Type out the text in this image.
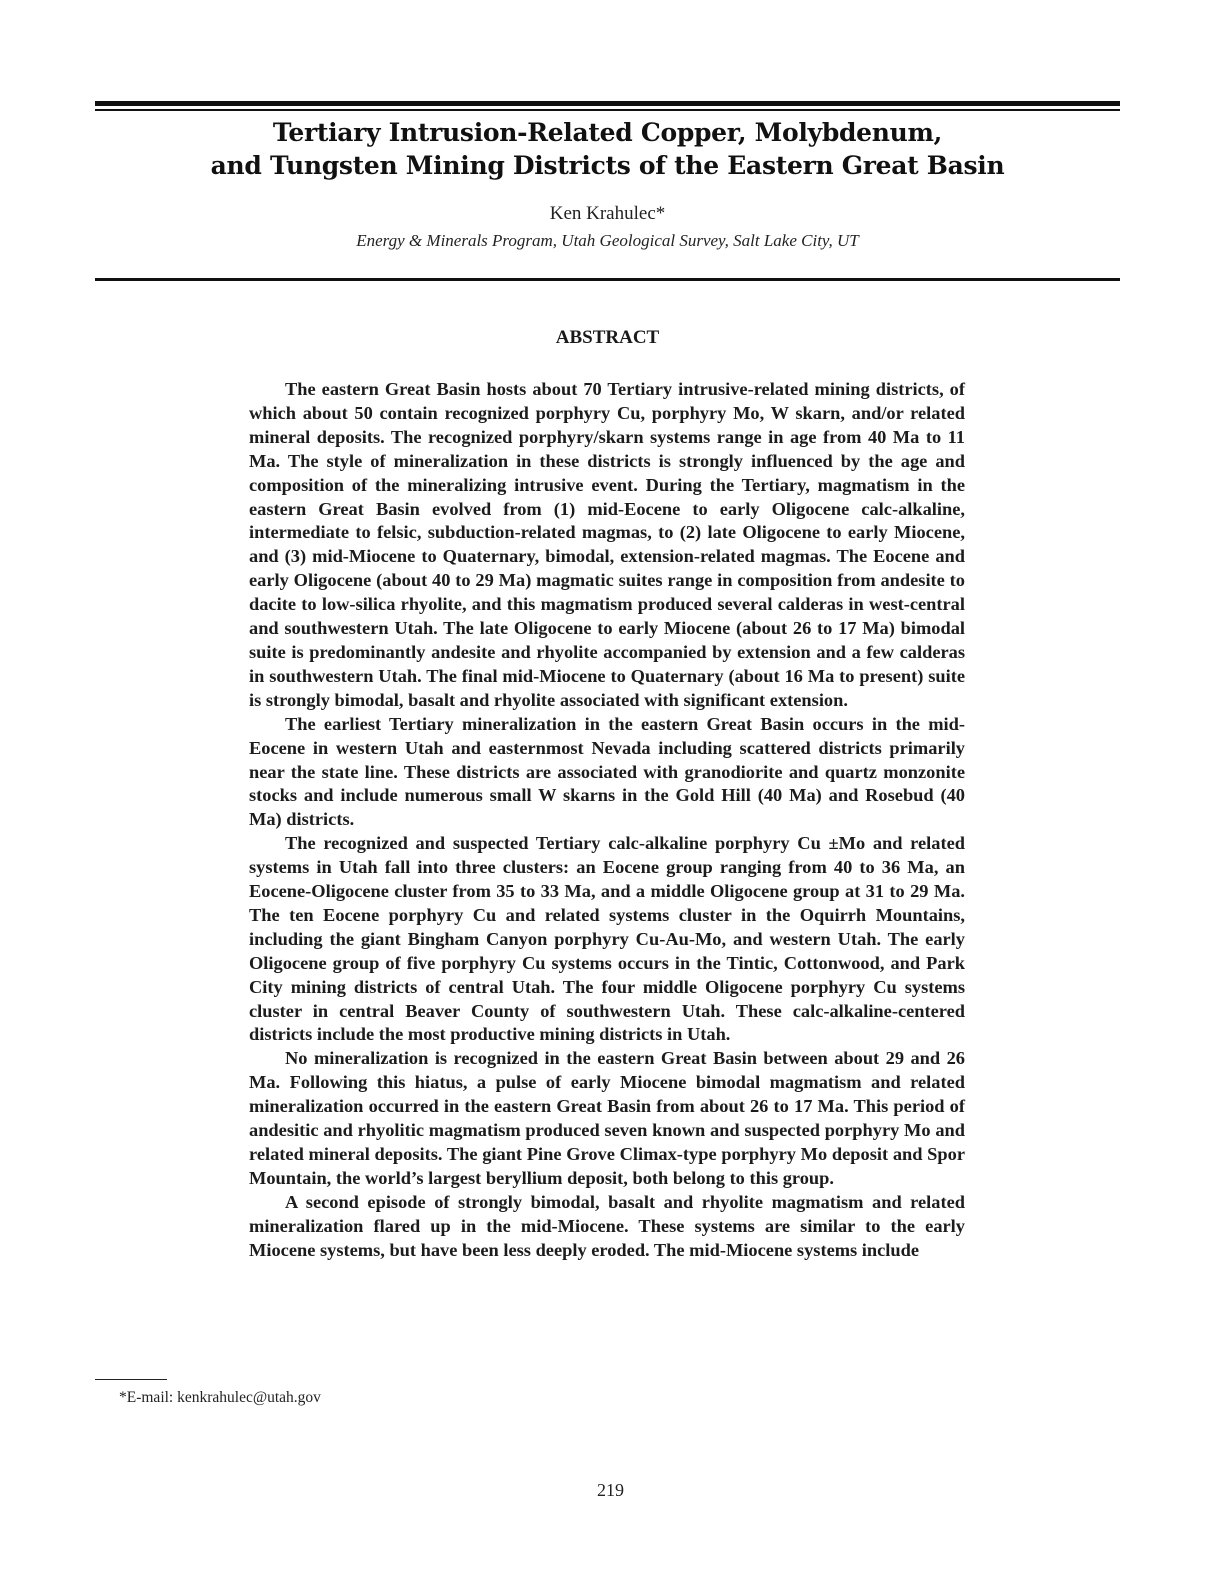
Tertiary Intrusion-Related Copper, Molybdenum,
and Tungsten Mining Districts of the Eastern Great Basin
Ken Krahulec*
Energy & Minerals Program, Utah Geological Survey, Salt Lake City, UT
ABSTRACT

The eastern Great Basin hosts about 70 Tertiary intrusive-related mining districts, of which about 50 contain recognized porphyry Cu, porphyry Mo, W skarn, and/or related mineral deposits. The recognized porphyry/skarn systems range in age from 40 Ma to 11 Ma. The style of mineralization in these districts is strongly influenced by the age and composition of the mineralizing intrusive event. During the Tertiary, magmatism in the eastern Great Basin evolved from (1) mid-Eocene to early Oligocene calc-alkaline, intermediate to felsic, subduction-related magmas, to (2) late Oligocene to early Miocene, and (3) mid-Miocene to Quaternary, bimodal, extension-related magmas. The Eocene and early Oligocene (about 40 to 29 Ma) magmatic suites range in composition from andesite to dacite to low-silica rhyolite, and this magmatism produced several calderas in west-central and southwestern Utah. The late Oligocene to early Miocene (about 26 to 17 Ma) bimodal suite is predominantly andesite and rhyolite accompanied by extension and a few calderas in southwestern Utah. The final mid-Miocene to Quaternary (about 16 Ma to present) suite is strongly bimodal, basalt and rhyolite associated with significant extension.

The earliest Tertiary mineralization in the eastern Great Basin occurs in the mid-Eocene in western Utah and easternmost Nevada including scattered districts primarily near the state line. These districts are associated with granodiorite and quartz monzonite stocks and include numerous small W skarns in the Gold Hill (40 Ma) and Rosebud (40 Ma) districts.

The recognized and suspected Tertiary calc-alkaline porphyry Cu ±Mo and related systems in Utah fall into three clusters: an Eocene group ranging from 40 to 36 Ma, an Eocene-Oligocene cluster from 35 to 33 Ma, and a middle Oligocene group at 31 to 29 Ma. The ten Eocene porphyry Cu and related systems cluster in the Oquirrh Mountains, including the giant Bingham Canyon porphyry Cu-Au-Mo, and western Utah. The early Oligocene group of five porphyry Cu systems occurs in the Tintic, Cottonwood, and Park City mining districts of central Utah. The four middle Oligocene porphyry Cu systems cluster in central Beaver County of southwestern Utah. These calc-alkaline-centered districts include the most productive mining districts in Utah.

No mineralization is recognized in the eastern Great Basin between about 29 and 26 Ma. Following this hiatus, a pulse of early Miocene bimodal magmatism and related mineralization occurred in the eastern Great Basin from about 26 to 17 Ma. This period of andesitic and rhyolitic magmatism produced seven known and suspected porphyry Mo and related mineral deposits. The giant Pine Grove Climax-type porphyry Mo deposit and Spor Mountain, the world’s largest beryllium deposit, both belong to this group.

A second episode of strongly bimodal, basalt and rhyolite magmatism and related mineralization flared up in the mid-Miocene. These systems are similar to the early Miocene systems, but have been less deeply eroded. The mid-Miocene systems include

*E-mail: kenkrahulec@utah.gov
219
